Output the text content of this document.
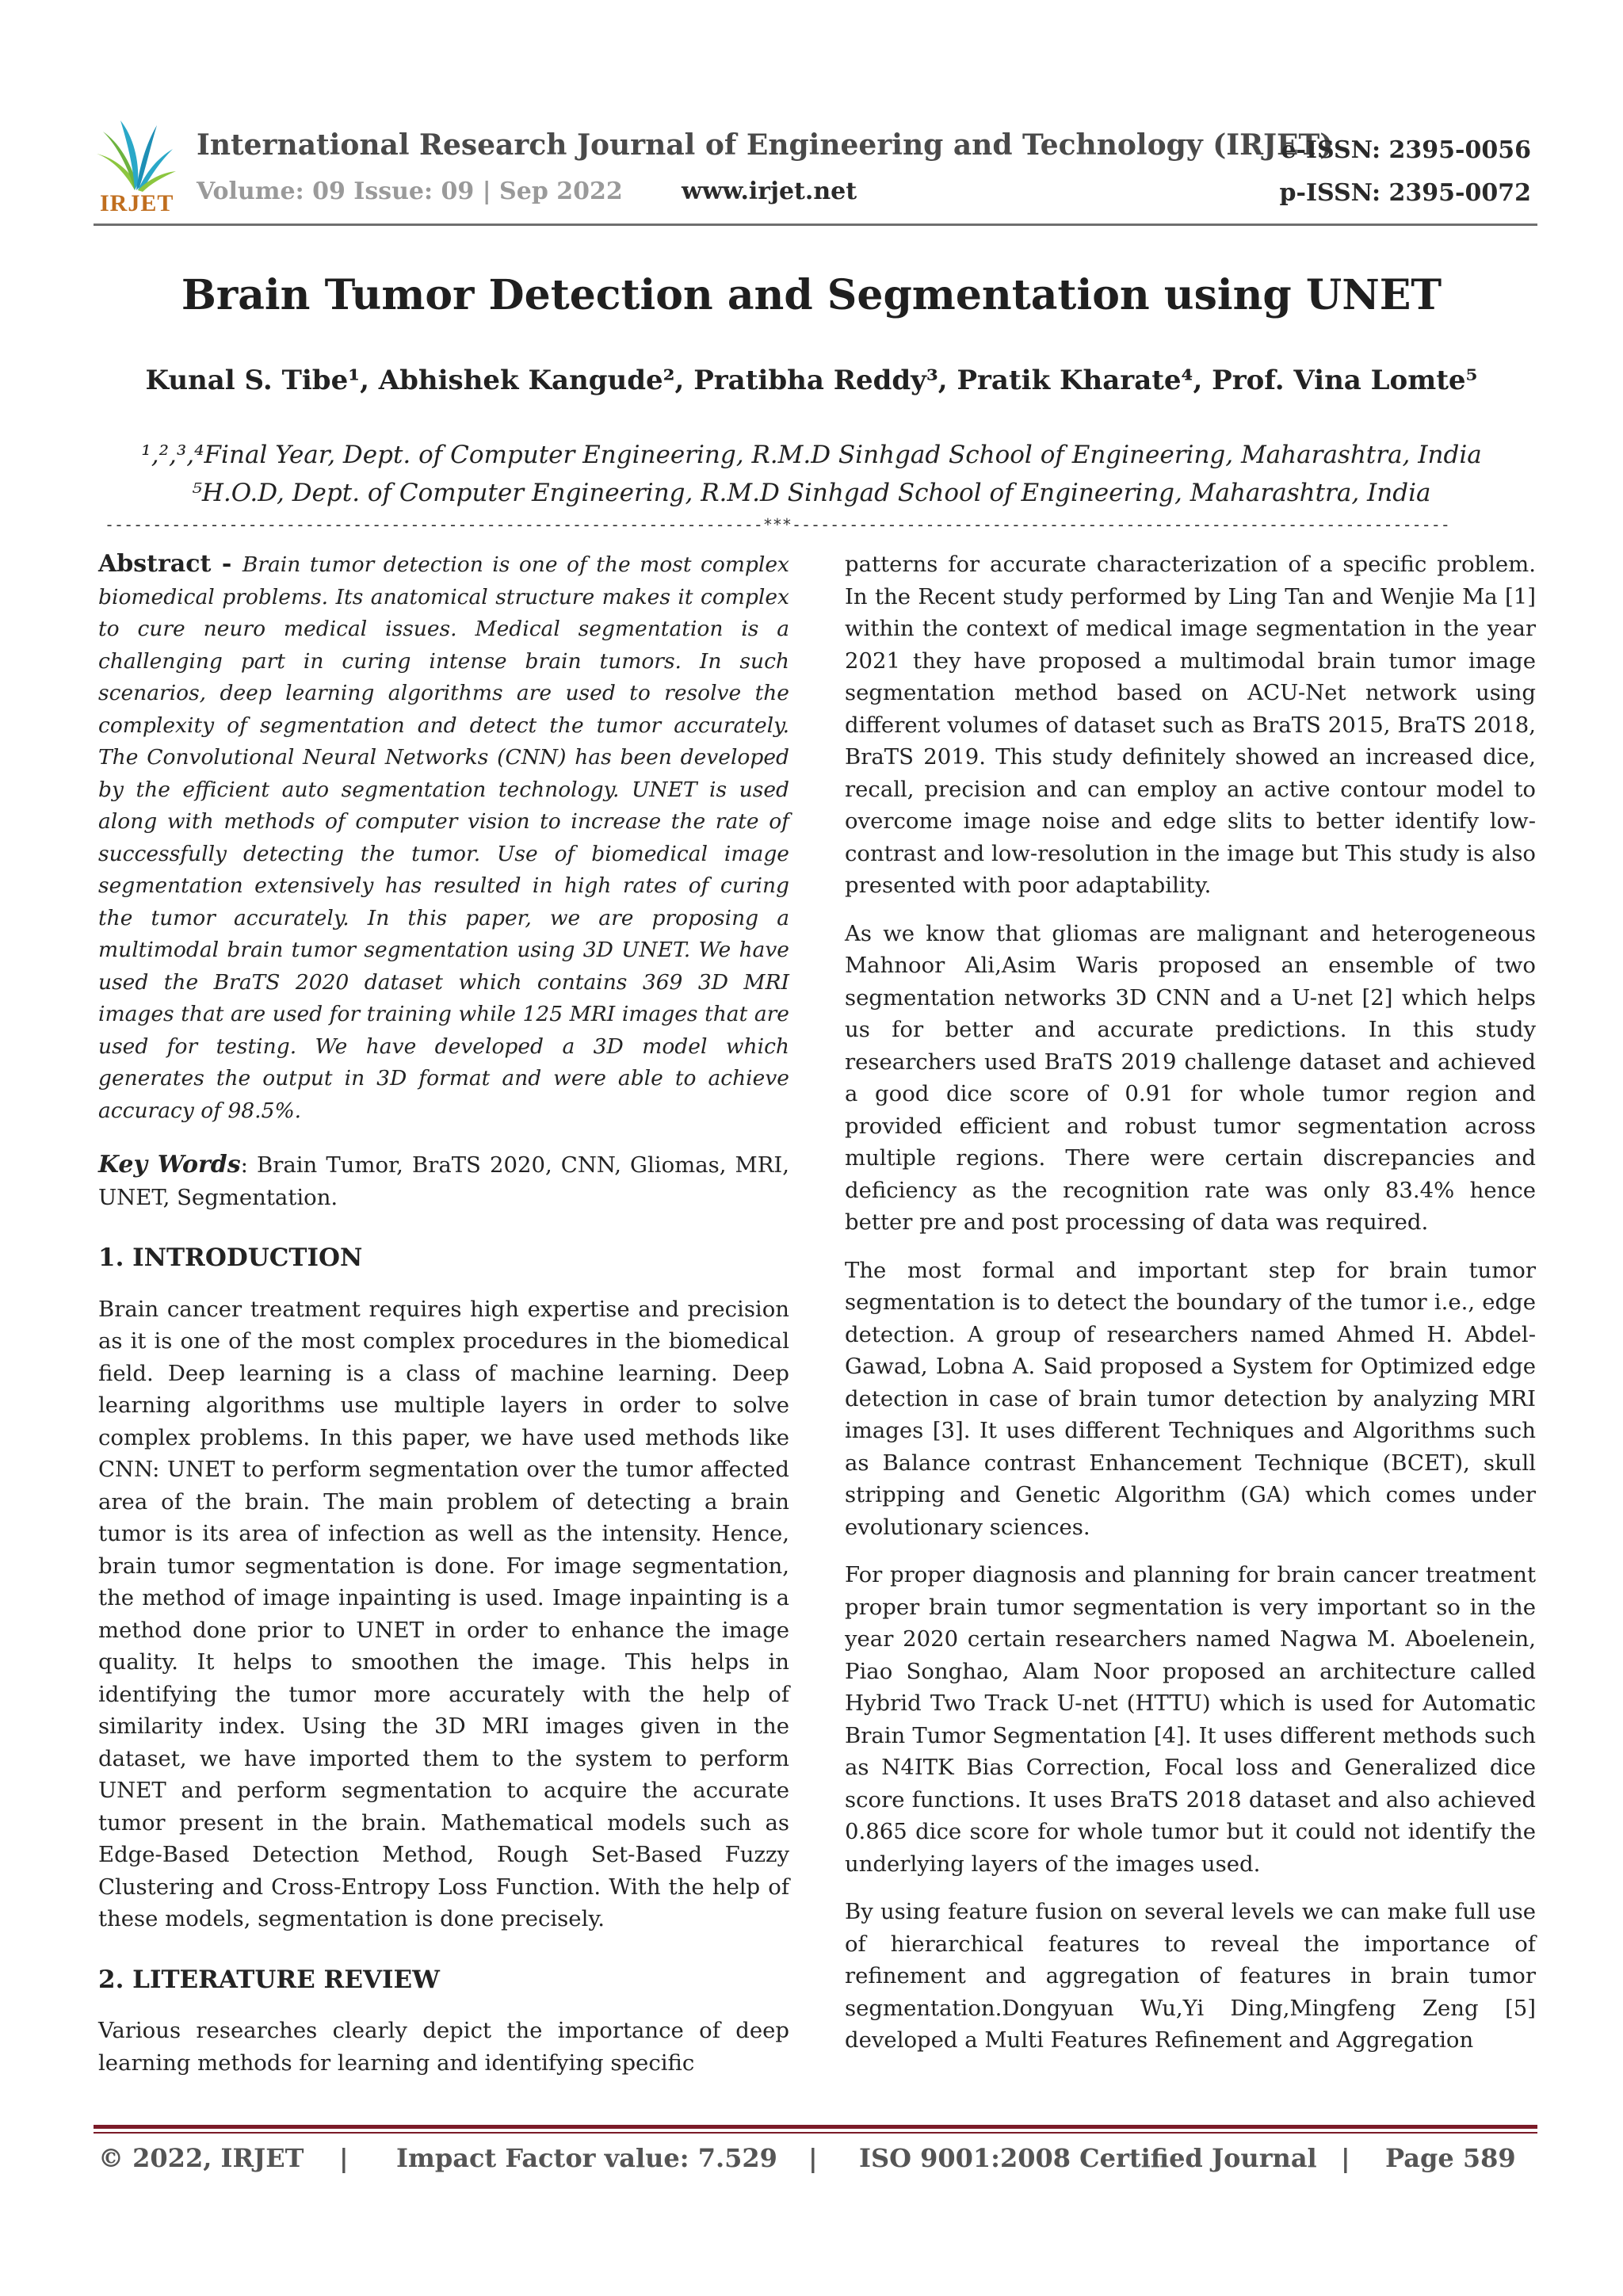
IRJET
International Research Journal of Engineering and Technology (IRJET)
Volume: 09 Issue: 09 | Sep 2022 www.irjet.net
e-ISSN: 2395-0056
p-ISSN: 2395-0072
Brain Tumor Detection and Segmentation using UNET
Kunal S. Tibe¹, Abhishek Kangude², Pratibha Reddy³, Pratik Kharate⁴, Prof. Vina Lomte⁵
¹,²,³,⁴Final Year, Dept. of Computer Engineering, R.M.D Sinhgad School of Engineering, Maharashtra, India
⁵H.O.D, Dept. of Computer Engineering, R.M.D Sinhgad School of Engineering, Maharashtra, India
---------------------------------------------------------------------***---------------------------------------------------------------------

Abstract - Brain tumor detection is one of the most complex biomedical problems. Its anatomical structure makes it complex to cure neuro medical issues. Medical segmentation is a challenging part in curing intense brain tumors. In such scenarios, deep learning algorithms are used to resolve the complexity of segmentation and detect the tumor accurately. The Convolutional Neural Networks (CNN) has been developed by the efficient auto segmentation technology. UNET is used along with methods of computer vision to increase the rate of successfully detecting the tumor. Use of biomedical image segmentation extensively has resulted in high rates of curing the tumor accurately. In this paper, we are proposing a multimodal brain tumor segmentation using 3D UNET. We have used the BraTS 2020 dataset which contains 369 3D MRI images that are used for training while 125 MRI images that are used for testing. We have developed a 3D model which generates the output in 3D format and were able to achieve accuracy of 98.5%.

Key Words: Brain Tumor, BraTS 2020, CNN, Gliomas, MRI, UNET, Segmentation.

1. INTRODUCTION

Brain cancer treatment requires high expertise and precision as it is one of the most complex procedures in the biomedical field. Deep learning is a class of machine learning. Deep learning algorithms use multiple layers in order to solve complex problems. In this paper, we have used methods like CNN: UNET to perform segmentation over the tumor affected area of the brain. The main problem of detecting a brain tumor is its area of infection as well as the intensity. Hence, brain tumor segmentation is done. For image segmentation, the method of image inpainting is used. Image inpainting is a method done prior to UNET in order to enhance the image quality. It helps to smoothen the image. This helps in identifying the tumor more accurately with the help of similarity index. Using the 3D MRI images given in the dataset, we have imported them to the system to perform UNET and perform segmentation to acquire the accurate tumor present in the brain. Mathematical models such as Edge-Based Detection Method, Rough Set-Based Fuzzy Clustering and Cross-Entropy Loss Function. With the help of these models, segmentation is done precisely.

2. LITERATURE REVIEW

Various researches clearly depict the importance of deep learning methods for learning and identifying specific

patterns for accurate characterization of a specific problem. In the Recent study performed by Ling Tan and Wenjie Ma [1] within the context of medical image segmentation in the year 2021 they have proposed a multimodal brain tumor image segmentation method based on ACU-Net network using different volumes of dataset such as BraTS 2015, BraTS 2018, BraTS 2019. This study definitely showed an increased dice, recall, precision and can employ an active contour model to overcome image noise and edge slits to better identify low-contrast and low-resolution in the image but This study is also presented with poor adaptability.

As we know that gliomas are malignant and heterogeneous Mahnoor Ali,Asim Waris proposed an ensemble of two segmentation networks 3D CNN and a U-net [2] which helps us for better and accurate predictions. In this study researchers used BraTS 2019 challenge dataset and achieved a good dice score of 0.91 for whole tumor region and provided efficient and robust tumor segmentation across multiple regions. There were certain discrepancies and deficiency as the recognition rate was only 83.4% hence better pre and post processing of data was required.

The most formal and important step for brain tumor segmentation is to detect the boundary of the tumor i.e., edge detection. A group of researchers named Ahmed H. Abdel-Gawad, Lobna A. Said proposed a System for Optimized edge detection in case of brain tumor detection by analyzing MRI images [3]. It uses different Techniques and Algorithms such as Balance contrast Enhancement Technique (BCET), skull stripping and Genetic Algorithm (GA) which comes under evolutionary sciences.

For proper diagnosis and planning for brain cancer treatment proper brain tumor segmentation is very important so in the year 2020 certain researchers named Nagwa M. Aboelenein, Piao Songhao, Alam Noor proposed an architecture called Hybrid Two Track U-net (HTTU) which is used for Automatic Brain Tumor Segmentation [4]. It uses different methods such as N4ITK Bias Correction, Focal loss and Generalized dice score functions. It uses BraTS 2018 dataset and also achieved 0.865 dice score for whole tumor but it could not identify the underlying layers of the images used.

By using feature fusion on several levels we can make full use of hierarchical features to reveal the importance of refinement and aggregation of features in brain tumor segmentation.Dongyuan Wu,Yi Ding,Mingfeng Zeng [5] developed a Multi Features Refinement and Aggregation

© 2022, IRJET | Impact Factor value: 7.529 | ISO 9001:2008 Certified Journal | Page 589
